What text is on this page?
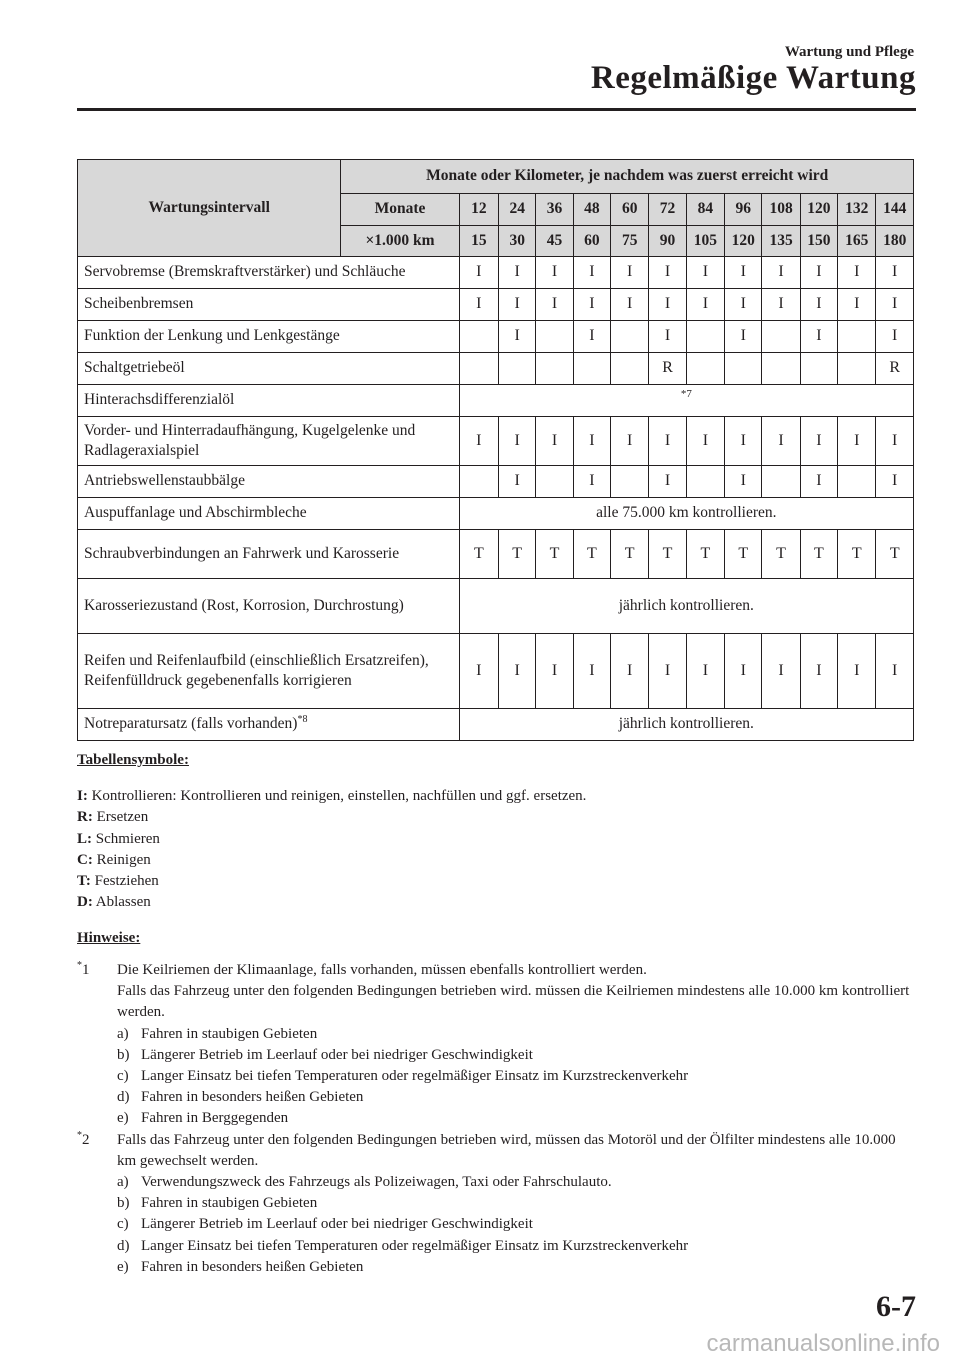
Wartung und Pflege
Regelmäßige Wartung
Wartungsintervall	Monate oder Kilometer, je nachdem was zuerst erreicht wird												
	Monate	12	24	36	48	60	72	84	96	108	120	132	144
	×1.000 km	15	30	45	60	75	90	105	120	135	150	165	180
Servobremse (Bremskraftverstärker) und Schläuche		I	I	I	I	I	I	I	I	I	I	I	I
Scheibenbremsen		I	I	I	I	I	I	I	I	I	I	I	I
Funktion der Lenkung und Lenkgestänge			I		I		I		I		I		I
Schaltgetriebeöl							R						R
Hinterachsdifferenzialöl		*7											
Vorder- und Hinterradaufhängung, Kugelgelenke und Radlageraxialspiel		I	I	I	I	I	I	I	I	I	I	I	I
Antriebswellenstaubbälge			I		I		I		I		I		I
Auspuffanlage und Abschirmbleche		alle 75.000 km kontrollieren.											
Schraubverbindungen an Fahrwerk und Karosserie		T	T	T	T	T	T	T	T	T	T	T	T
Karosseriezustand (Rost, Korrosion, Durchrostung)		jährlich kontrollieren.											
Reifen und Reifenlaufbild (einschließlich Ersatzreifen), Reifenfülldruck gegebenenfalls korrigieren		I	I	I	I	I	I	I	I	I	I	I	I
Notreparatursatz (falls vorhanden)$^{*8}$		jährlich kontrollieren.											
Tabellensymbole:
I: Kontrollieren: Kontrollieren und reinigen, einstellen, nachfüllen und ggf. ersetzen.
R: Ersetzen
L: Schmieren
C: Reinigen
T: Festziehen
D: Ablassen
Hinweise:
*1 Die Keilriemen der Klimaanlage, falls vorhanden, müssen ebenfalls kontrolliert werden.
Falls das Fahrzeug unter den folgenden Bedingungen betrieben wird. müssen die Keilriemen mindestens alle 10.000 km kontrolliert werden.
a) Fahren in staubigen Gebieten
b) Längerer Betrieb im Leerlauf oder bei niedriger Geschwindigkeit
c) Langer Einsatz bei tiefen Temperaturen oder regelmäßiger Einsatz im Kurzstreckenverkehr
d) Fahren in besonders heißen Gebieten
e) Fahren in Berggegenden
*2 Falls das Fahrzeug unter den folgenden Bedingungen betrieben wird, müssen das Motoröl und der Ölfilter mindestens alle 10.000 km gewechselt werden.
a) Verwendungszweck des Fahrzeugs als Polizeiwagen, Taxi oder Fahrschulauto.
b) Fahren in staubigen Gebieten
c) Längerer Betrieb im Leerlauf oder bei niedriger Geschwindigkeit
d) Langer Einsatz bei tiefen Temperaturen oder regelmäßiger Einsatz im Kurzstreckenverkehr
e) Fahren in besonders heißen Gebieten
6-7
carmanualsonline.info
